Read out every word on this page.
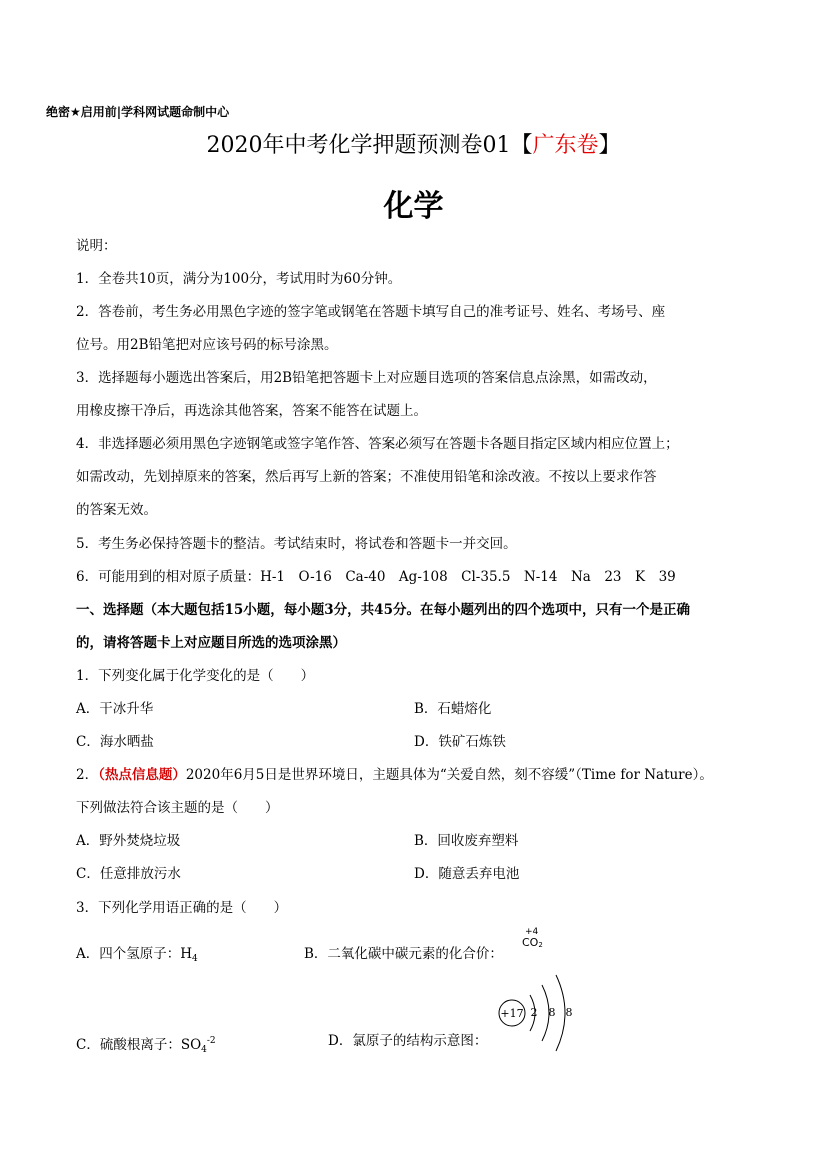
绝密★启用前|学科网试题命制中心
2020年中考化学押题预测卷01【广东卷】
化学
说明：
1．全卷共10页，满分为100分，考试用时为60分钟。
2．答卷前，考生务必用黑色字迹的签字笔或钢笔在答题卡填写自己的准考证号、姓名、考场号、座
位号。用2B铅笔把对应该号码的标号涂黑。
3．选择题每小题选出答案后，用2B铅笔把答题卡上对应题目选项的答案信息点涂黑，如需改动，
用橡皮擦干净后，再选涂其他答案，答案不能答在试题上。
4．非选择题必须用黑色字迹钢笔或签字笔作答、答案必须写在答题卡各题目指定区域内相应位置上；
如需改动，先划掉原来的答案，然后再写上新的答案；不准使用铅笔和涂改液。不按以上要求作答
的答案无效。
5．考生务必保持答题卡的整洁。考试结束时，将试卷和答题卡一并交回。
6．可能用到的相对原子质量：H-1　O-16　Ca-40　Ag-108　Cl-35.5　N-14　Na　23　K　39
一、选择题（本大题包括15小题，每小题3分，共45分。在每小题列出的四个选项中，只有一个是正确
的，请将答题卡上对应题目所选的选项涂黑）
1．下列变化属于化学变化的是（　　）
A．干冰升华	B．石蜡熔化
C．海水晒盐	D．铁矿石炼铁
2．（热点信息题）2020年6月5日是世界环境日，主题具体为“关爱自然，刻不容缓”（Time for Nature）。
下列做法符合该主题的是（　　）
A．野外焚烧垃圾	B．回收废弃塑料
C．任意排放污水	D．随意丢弃电池
3．下列化学用语正确的是（　　）
A．四个氢原子：$H_4$	B．二氧化碳中碳元素的化合价：
+4
$CO_2$
C．硫酸根离子：$SO_4^{-2}$	D．氯原子的结构示意图：
+17 2 8 8
